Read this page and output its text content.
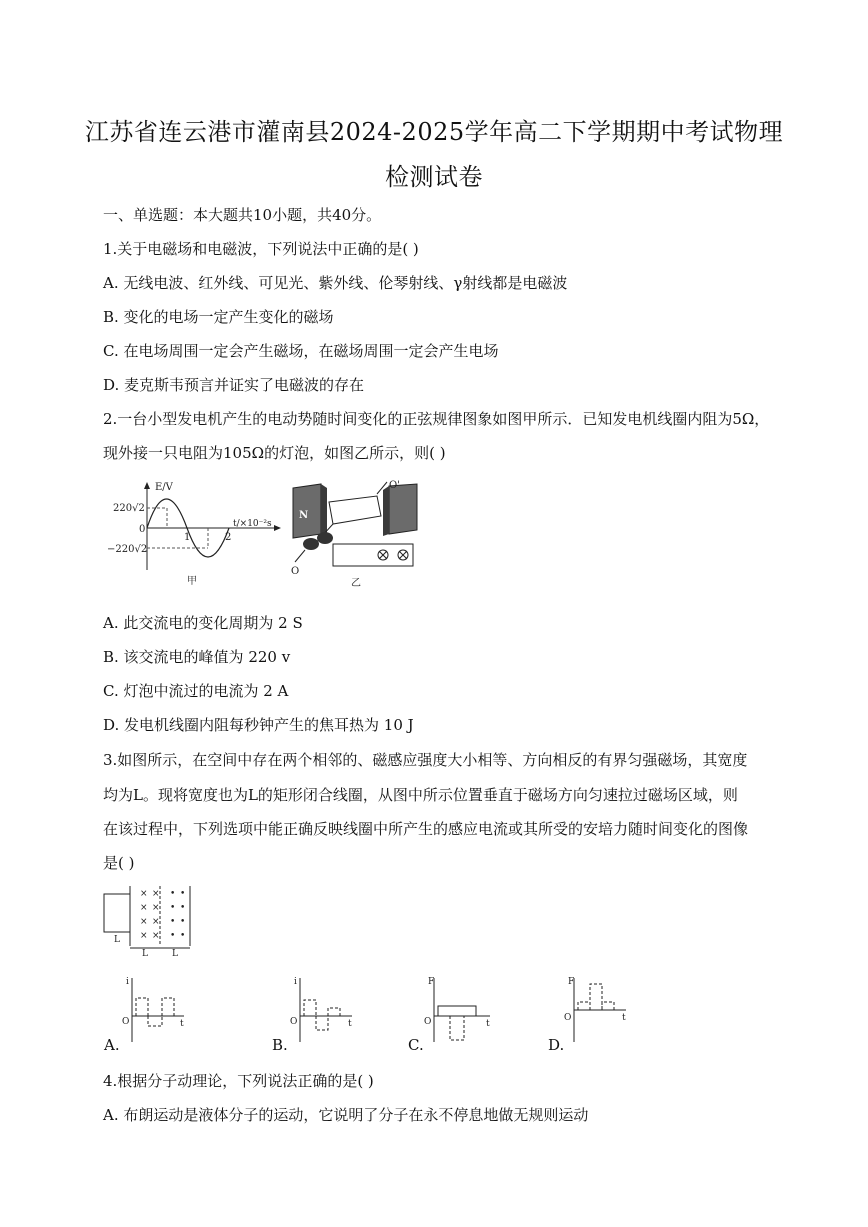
江苏省连云港市灌南县2024-2025学年高二下学期期中考试物理
检测试卷
一、单选题：本大题共10小题，共40分。
1.关于电磁场和电磁波，下列说法中正确的是( )
A. 无线电波、红外线、可见光、紫外线、伦琴射线、γ射线都是电磁波
B. 变化的电场一定产生变化的磁场
C. 在电场周围一定会产生磁场，在磁场周围一定会产生电场
D. 麦克斯韦预言并证实了电磁波的存在
2.一台小型发电机产生的电动势随时间变化的正弦规律图象如图甲所示．已知发电机线圈内阻为5Ω，
现外接一只电阻为105Ω的灯泡，如图乙所示，则( )
E/V
220√2
0
−220√2
1	2
t/×10⁻²s
甲
N
O'
O
乙
A. 此交流电的变化周期为 2 S
B. 该交流电的峰值为 220 v
C. 灯泡中流过的电流为 2 A
D. 发电机线圈内阻每秒钟产生的焦耳热为 10 J
3.如图所示，在空间中存在两个相邻的、磁感应强度大小相等、方向相反的有界匀强磁场，其宽度
均为L。现将宽度也为L的矩形闭合线圈，从图中所示位置垂直于磁场方向匀速拉过磁场区域，则
在该过程中，下列选项中能正确反映线圈中所产生的感应电流或其所受的安培力随时间变化的图像
是( )
× ×
× ×
× ×
× ×
• •
• •
• •
• •
L
L	L
i
O	t
A.
i
O	t
B.
F
O	t
C.
F
O	t
D.
4.根据分子动理论，下列说法正确的是( )
A. 布朗运动是液体分子的运动，它说明了分子在永不停息地做无规则运动
